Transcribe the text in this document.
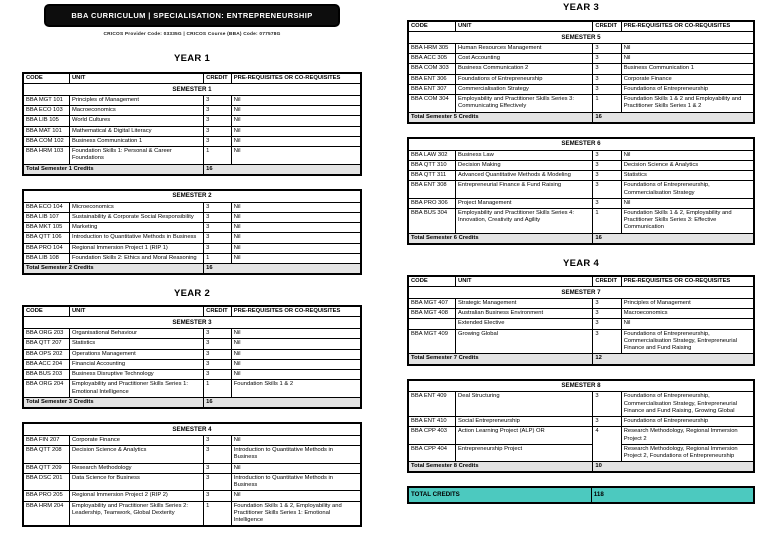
BBA CURRICULUM | SPECIALISATION: ENTREPRENEURSHIP
CRICOS Provider Code: 03335G | CRICOS Course (BBA) Code: 077578G
YEAR 1
CODE	UNIT	CREDIT	PRE-REQUISITES OR CO-REQUISITES
SEMESTER 1			
BBA MGT 101	Principles of Management	3	Nil
BBA ECO 103	Macroeconomics	3	Nil
BBA LIB 105	World Cultures	3	Nil
BBA MAT 101	Mathematical & Digital Literacy	3	Nil
BBA COM 102	Business Communication 1	3	Nil
BBA HRM 103	Foundation Skills 1: Personal & Career Foundations	1	Nil
Total Semester 1 Credits		16	
SEMESTER 2			
BBA ECO 104	Microeconomics	3	Nil
BBA LIB 107	Sustainability & Corporate Social Responsibility	3	Nil
BBA MKT 105	Marketing	3	Nil
BBA QTT 106	Introduction to Quantitative Methods in Business	3	Nil
BBA PRO 104	Regional Immersion Project 1 (RIP 1)	3	Nil
BBA LIB 108	Foundation Skills 2: Ethics and Moral Reasoning	1	Nil
Total Semester 2 Credits		16	
YEAR 2
CODE	UNIT	CREDIT	PRE-REQUISITES OR CO-REQUISITES
SEMESTER 3			
BBA ORG 203	Organisational Behaviour	3	Nil
BBA QTT 207	Statistics	3	Nil
BBA OPS 202	Operations Management	3	Nil
BBA ACC 204	Financial Accounting	3	Nil
BBA BUS 203	Business Disruptive Technology	3	Nil
BBA ORG 204	Employability and Practitioner Skills Series 1: Emotional Intelligence	1	Foundation Skills 1 & 2
Total Semester 3 Credits		16	
SEMESTER 4			
BBA FIN 207	Corporate Finance	3	Nil
BBA QTT 208	Decision Science & Analytics	3	Introduction to Quantitative Methods in Business
BBA QTT 209	Research Methodology	3	Nil
BBA DSC 201	Data Science for Business	3	Introduction to Quantitative Methods in Business
BBA PRO 205	Regional Immersion Project 2 (RIP 2)	3	Nil
BBA HRM 204	Employability and Practitioner Skills Series 2: Leadership, Teamwork, Global Dexterity	1	Foundation Skills 1 & 2, Employability and Practitioner Skills Series 1: Emotional Intelligence
YEAR 3
CODE	UNIT	CREDIT	PRE-REQUISITES OR CO-REQUISITES
SEMESTER 5			
BBA HRM 305	Human Resources Management	3	Nil
BBA ACC 305	Cost Accounting	3	Nil
BBA COM 303	Business Communication 2	3	Business Communication 1
BBA ENT 306	Foundations of Entrepreneurship	3	Corporate Finance
BBA ENT 307	Commercialisation Strategy	3	Foundations of Entrepreneurship
BBA COM 304	Employability and Practitioner Skills Series 3: Communicating Effectively	1	Foundation Skills 1 & 2 and Employability and Practitioner Skills Series 1 & 2
Total Semester 5 Credits		16	
SEMESTER 6			
BBA LAW 302	Business Law	3	Nil
BBA QTT 310	Decision Making	3	Decision Science & Analytics
BBA QTT 311	Advanced Quantitative Methods & Modeling	3	Statistics
BBA ENT 308	Entrepreneurial Finance & Fund Raising	3	Foundations of Entrepreneurship, Commercialisation Strategy
BBA PRO 306	Project Management	3	Nil
BBA BUS 304	Employability and Practitioner Skills Series 4: Innovation, Creativity and Agility	1	Foundation Skills 1 & 2, Employability and Practitioner Skills Series 3: Effective Communication
Total Semester 6 Credits		16	
YEAR 4
CODE	UNIT	CREDIT	PRE-REQUISITES OR CO-REQUISITES
SEMESTER 7			
BBA MGT 407	Strategic Management	3	Principles of Management
BBA MGT 408	Australian Business Environment	3	Macroeconomics
	Extended Elective	3	Nil
BBA MGT 409	Growing Global	3	Foundations of Entrepreneurship, Commercialisation Strategy, Entrepreneurial Finance and Fund Raising
Total Semester 7 Credits		12	
SEMESTER 8			
BBA ENT 409	Deal Structuring	3	Foundations of Entrepreneurship, Commercialisation Strategy, Entrepreneurial Finance and Fund Raising, Growing Global
BBA ENT 410	Social Entrepreneurship	3	Foundations of Entrepreneurship
BBA CPP 403	Action Learning Project (ALP) OR	4	Research Methodology, Regional Immersion Project 2
BBA CPP 404	Entrepreneurship Project		Research Methodology, Regional Immersion Project 2, Foundations of Entrepreneurship
Total Semester 8 Credits		10	
TOTAL CREDITS	118
